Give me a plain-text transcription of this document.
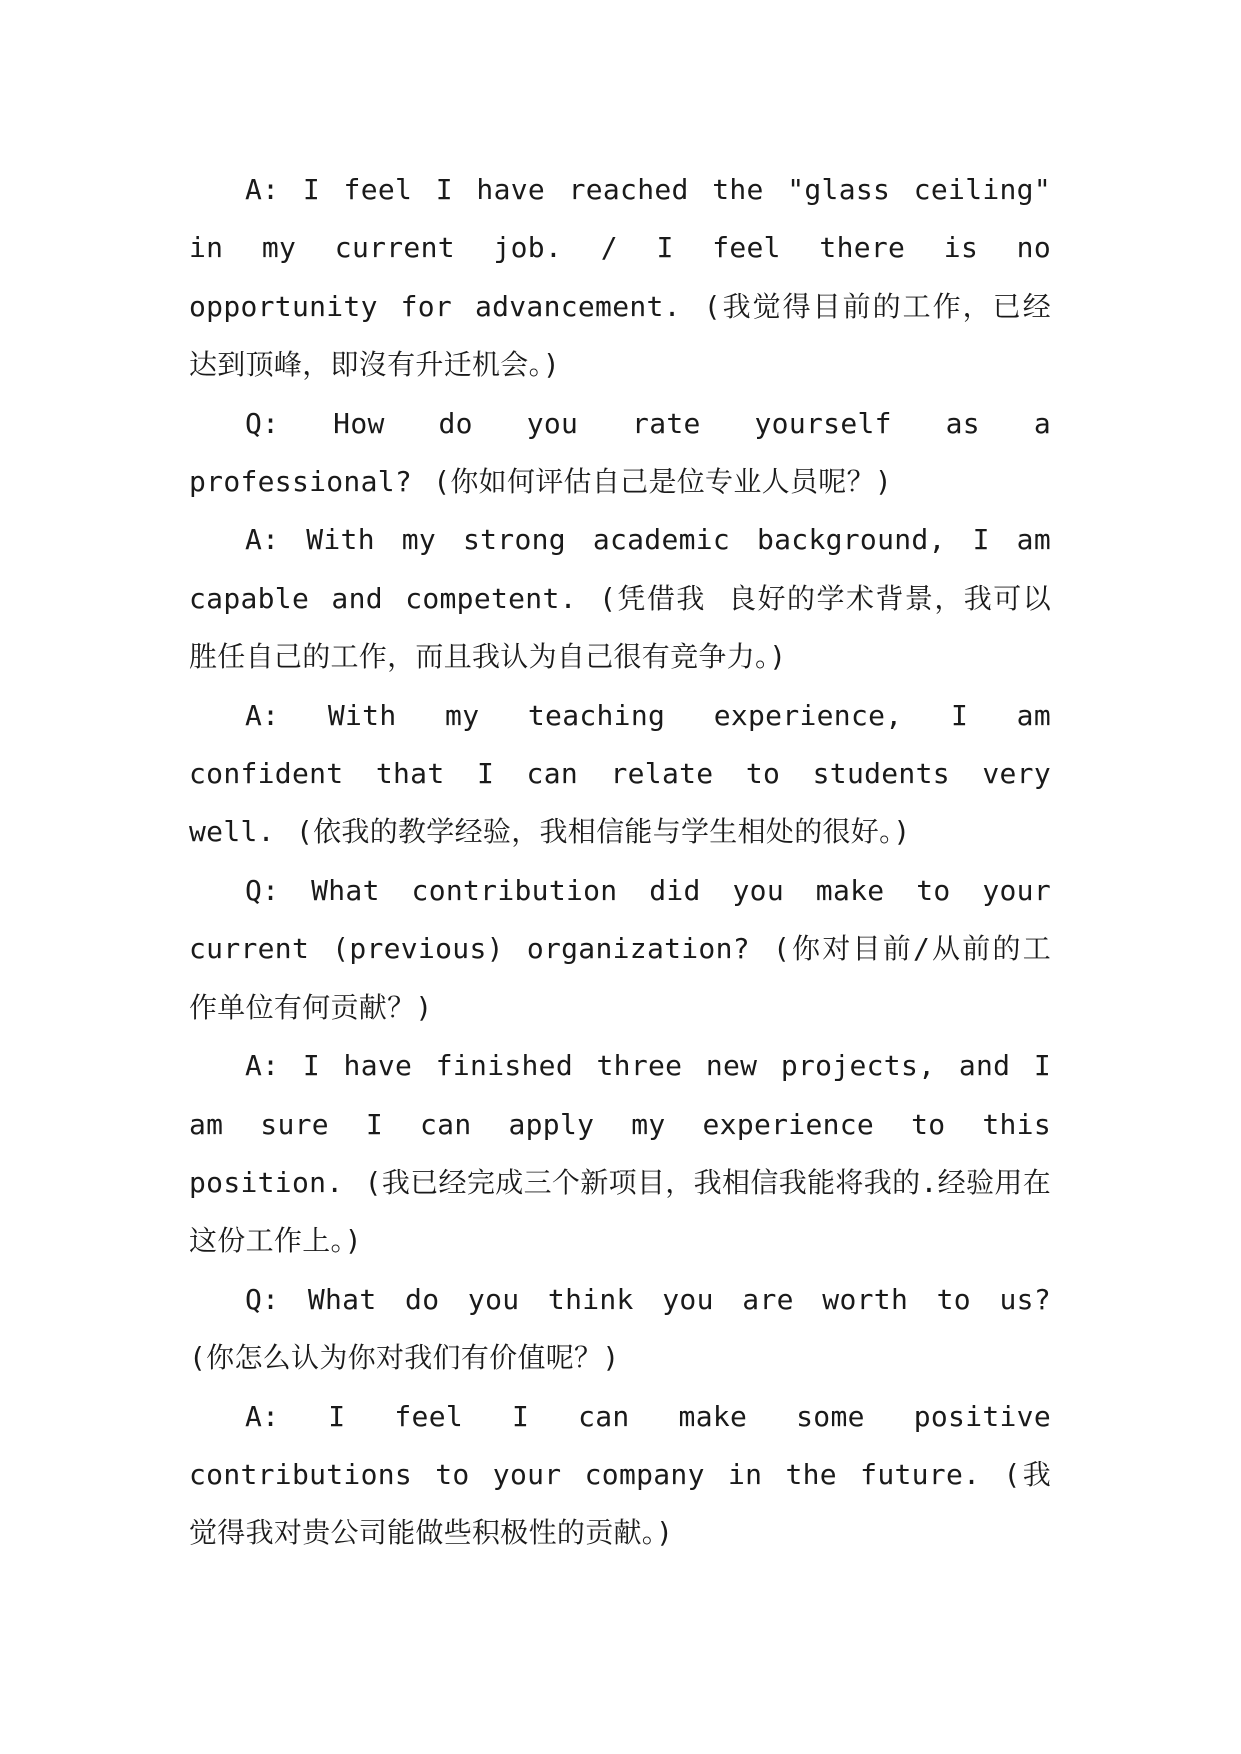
A: I feel I have reached the "glass ceiling" in my current job. / I feel there is no opportunity for advancement. (我觉得目前的工作，已经达到顶峰，即沒有升迁机会。)

Q: How do you rate yourself as a professional? (你如何评估自己是位专业人员呢？)

A: With my strong academic background, I am capable and competent. (凭借我 良好的学术背景，我可以胜任自己的工作，而且我认为自己很有竞争力。)

A: With my teaching experience, I am confident that I can relate to students very well. (依我的教学经验，我相信能与学生相处的很好。)

Q: What contribution did you make to your current (previous) organization? (你对目前/从前的工作单位有何贡献？)

A: I have finished three new projects, and I am sure I can apply my experience to this position. (我已经完成三个新项目，我相信我能将我的.经验用在 这份工作上。)

Q: What do you think you are worth to us? (你怎么认为你对我们有价值呢？)

A: I feel I can make some positive contributions to your company in the future. (我觉得我对贵公司能做些积极性的贡献。)
